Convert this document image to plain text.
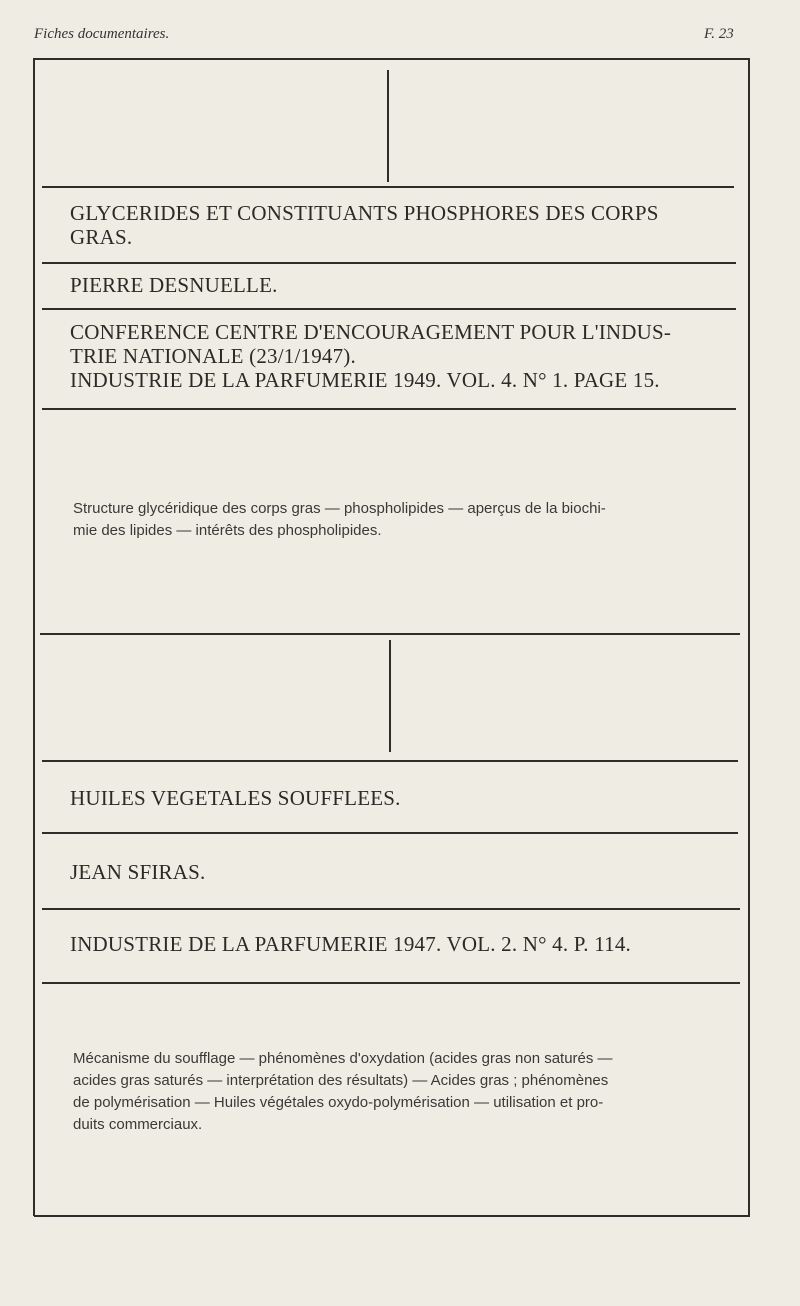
Fiches documentaires.	F. 23
GLYCERIDES ET CONSTITUANTS PHOSPHORES DES CORPS
GRAS.
PIERRE DESNUELLE.
CONFERENCE CENTRE D'ENCOURAGEMENT POUR L'INDUS-
TRIE NATIONALE (23/1/1947).
INDUSTRIE DE LA PARFUMERIE 1949. VOL. 4. N° 1. PAGE 15.
Structure glycéridique des corps gras — phospholipides — aperçus de la biochi-
mie des lipides — intérêts des phospholipides.
HUILES VEGETALES SOUFFLEES.
JEAN SFIRAS.
INDUSTRIE DE LA PARFUMERIE 1947. VOL. 2. N° 4. P. 114.
Mécanisme du soufflage — phénomènes d'oxydation (acides gras non saturés —
acides gras saturés — interprétation des résultats) — Acides gras ; phénomènes
de polymérisation — Huiles végétales oxydo-polymérisation — utilisation et pro-
duits commerciaux.
